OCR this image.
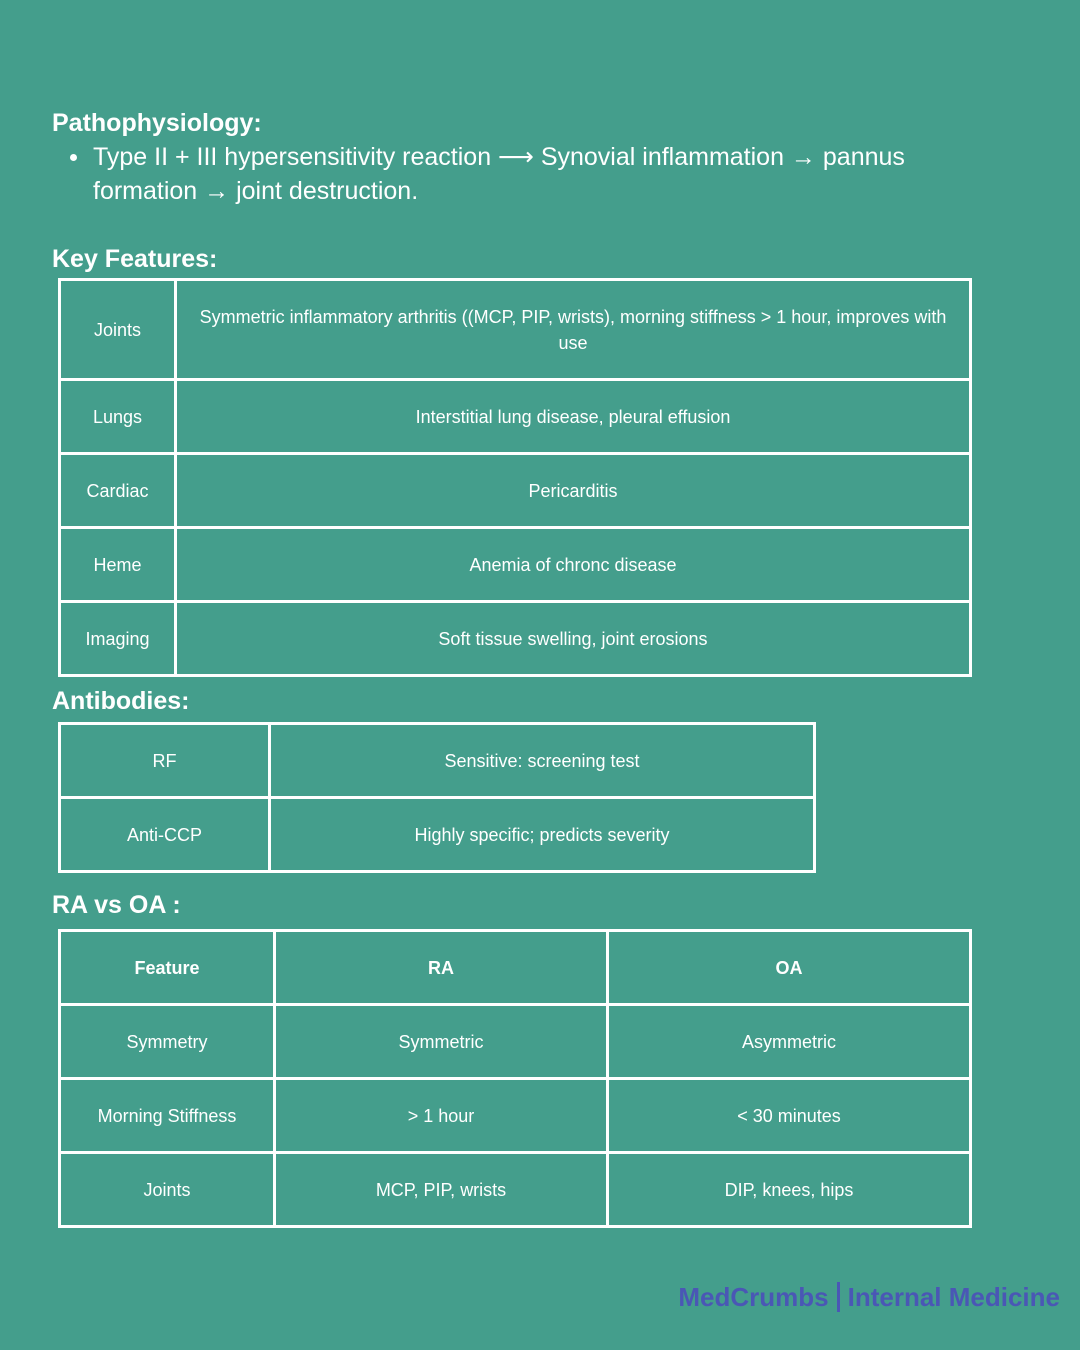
Pathophysiology:
Type II + III hypersensitivity reaction ⟶ Synovial inflammation → pannus formation → joint destruction.
Key Features:
Joints	Symmetric inflammatory arthritis ((MCP, PIP, wrists), morning stiffness > 1 hour, improves with use
Lungs	Interstitial lung disease, pleural effusion
Cardiac	Pericarditis
Heme	Anemia of chronc disease
Imaging	Soft tissue swelling, joint erosions
Antibodies:
RF	Sensitive: screening test
Anti-CCP	Highly specific; predicts severity
RA vs OA :
Feature	RA	OA
Symmetry	Symmetric	Asymmetric
Morning Stiffness	> 1 hour	< 30 minutes
Joints	MCP, PIP, wrists	DIP, knees, hips
MedCrumbs Internal Medicine
